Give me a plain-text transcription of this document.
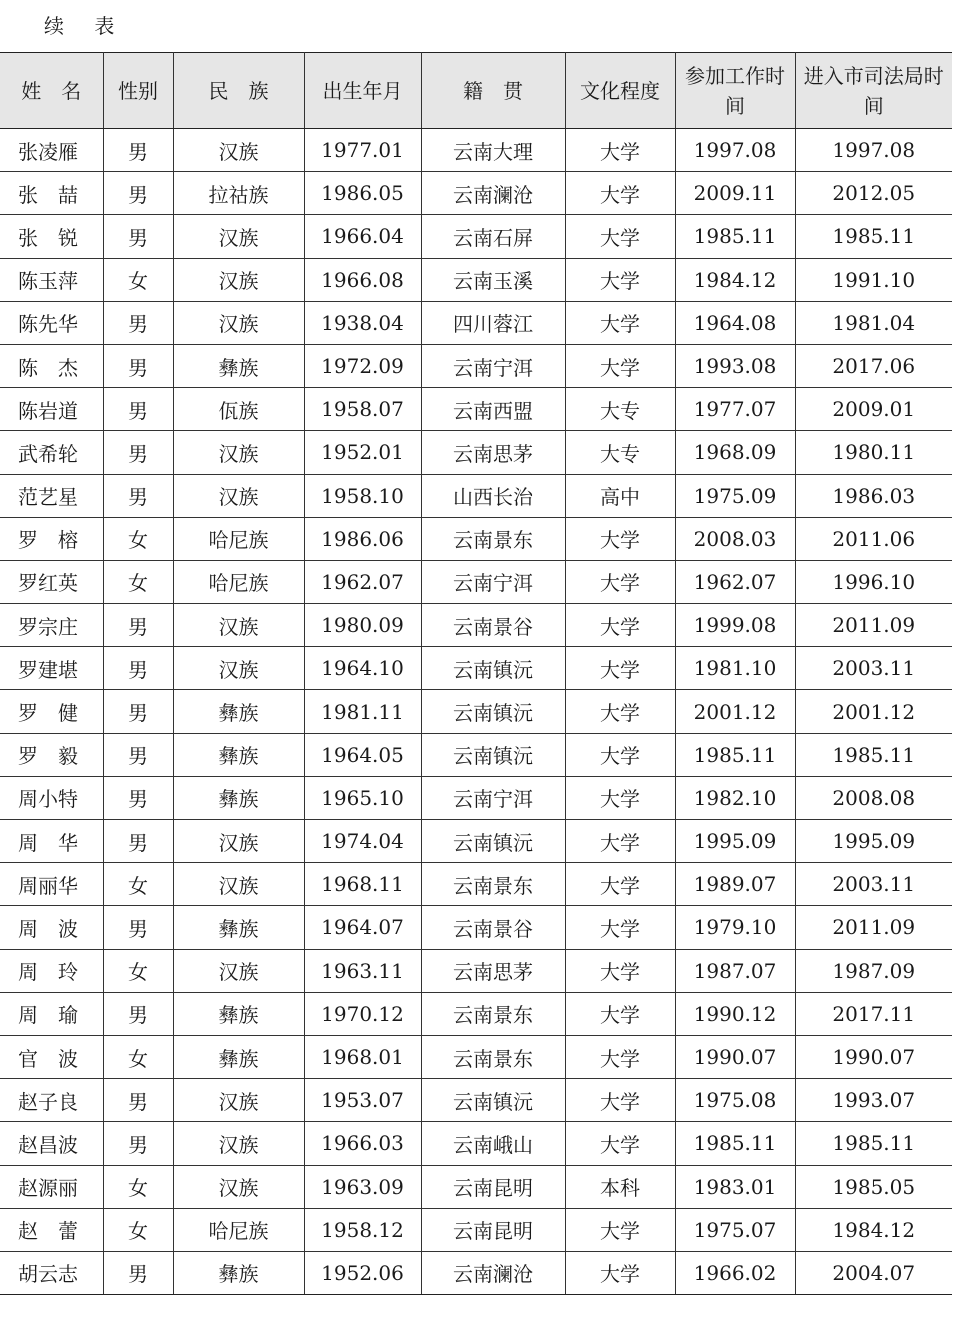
续 表
姓　名	性别	民　族	出生年月	籍　贯	文化程度	参加工作时间	进入市司法局时间
张凌雁	男	汉族	1977.01	云南大理	大学	1997.08	1997.08
张　喆	男	拉祜族	1986.05	云南澜沧	大学	2009.11	2012.05
张　锐	男	汉族	1966.04	云南石屏	大学	1985.11	1985.11
陈玉萍	女	汉族	1966.08	云南玉溪	大学	1984.12	1991.10
陈先华	男	汉族	1938.04	四川蓉江	大学	1964.08	1981.04
陈　杰	男	彝族	1972.09	云南宁洱	大学	1993.08	2017.06
陈岩道	男	佤族	1958.07	云南西盟	大专	1977.07	2009.01
武希轮	男	汉族	1952.01	云南思茅	大专	1968.09	1980.11
范艺星	男	汉族	1958.10	山西长治	高中	1975.09	1986.03
罗　榕	女	哈尼族	1986.06	云南景东	大学	2008.03	2011.06
罗红英	女	哈尼族	1962.07	云南宁洱	大学	1962.07	1996.10
罗宗庄	男	汉族	1980.09	云南景谷	大学	1999.08	2011.09
罗建堪	男	汉族	1964.10	云南镇沅	大学	1981.10	2003.11
罗　健	男	彝族	1981.11	云南镇沅	大学	2001.12	2001.12
罗　毅	男	彝族	1964.05	云南镇沅	大学	1985.11	1985.11
周小特	男	彝族	1965.10	云南宁洱	大学	1982.10	2008.08
周　华	男	汉族	1974.04	云南镇沅	大学	1995.09	1995.09
周丽华	女	汉族	1968.11	云南景东	大学	1989.07	2003.11
周　波	男	彝族	1964.07	云南景谷	大学	1979.10	2011.09
周　玲	女	汉族	1963.11	云南思茅	大学	1987.07	1987.09
周　瑜	男	彝族	1970.12	云南景东	大学	1990.12	2017.11
官　波	女	彝族	1968.01	云南景东	大学	1990.07	1990.07
赵子良	男	汉族	1953.07	云南镇沅	大学	1975.08	1993.07
赵昌波	男	汉族	1966.03	云南峨山	大学	1985.11	1985.11
赵源丽	女	汉族	1963.09	云南昆明	本科	1983.01	1985.05
赵　蕾	女	哈尼族	1958.12	云南昆明	大学	1975.07	1984.12
胡云志	男	彝族	1952.06	云南澜沧	大学	1966.02	2004.07
